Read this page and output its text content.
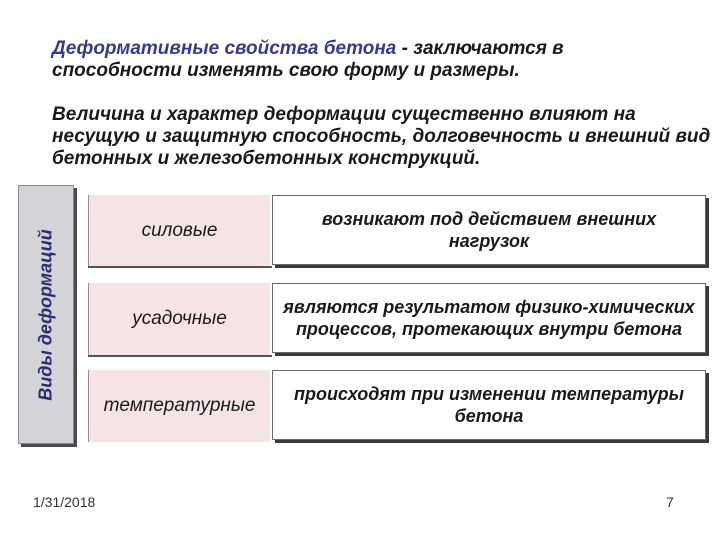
Деформативные свойства бетона - заключаются в способности изменять свою форму и размеры.
Величина и характер деформации существенно влияют на несущую и защитную способность, долговечность и внешний вид бетонных и железобетонных конструкций.
Виды деформаций	силовые
возникают под действием внешних нагрузок
усадочные
являются результатом физико-химических процессов, протекающих внутри бетона
температурные
происходят при изменении температуры бетона
1/31/2018	7
